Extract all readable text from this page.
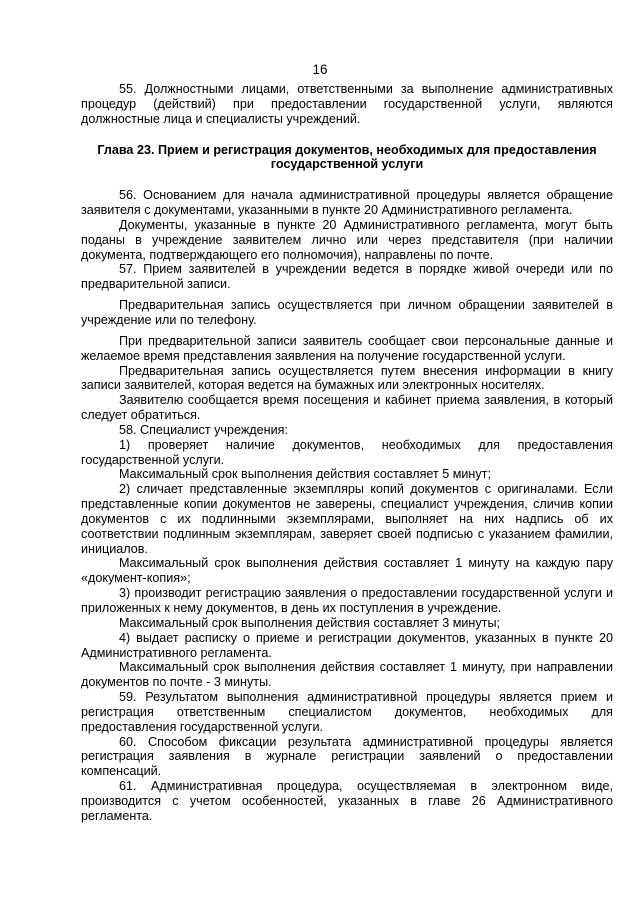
16

55. Должностными лицами, ответственными за выполнение административных процедур (действий) при предоставлении государственной услуги, являются должностные лица и специалисты учреждений.

Глава 23. Прием и регистрация документов, необходимых для предоставления государственной услуги

56. Основанием для начала административной процедуры является обращение заявителя с документами, указанными в пункте 20 Административного регламента.

Документы, указанные в пункте 20 Административного регламента, могут быть поданы в учреждение заявителем лично или через представителя (при наличии документа, подтверждающего его полномочия), направлены по почте.

57. Прием заявителей в учреждении ведется в порядке живой очереди или по предварительной записи.

Предварительная запись осуществляется при личном обращении заявителей в учреждение или по телефону.

При предварительной записи заявитель сообщает свои персональные данные и желаемое время представления заявления на получение государственной услуги.

Предварительная запись осуществляется путем внесения информации в книгу записи заявителей, которая ведется на бумажных или электронных носителях.

Заявителю сообщается время посещения и кабинет приема заявления, в который следует обратиться.

58. Специалист учреждения:

1) проверяет наличие документов, необходимых для предоставления государственной услуги.

Максимальный срок выполнения действия составляет 5 минут;

2) сличает представленные экземпляры копий документов с оригиналами. Если представленные копии документов не заверены, специалист учреждения, сличив копии документов с их подлинными экземплярами, выполняет на них надпись об их соответствии подлинным экземплярам, заверяет своей подписью с указанием фамилии, инициалов.

Максимальный срок выполнения действия составляет 1 минуту на каждую пару «документ-копия»;

3) производит регистрацию заявления о предоставлении государственной услуги и приложенных к нему документов, в день их поступления в учреждение.

Максимальный срок выполнения действия составляет 3 минуты;

4) выдает расписку о приеме и регистрации документов, указанных в пункте 20 Административного регламента.

Максимальный срок выполнения действия составляет 1 минуту, при направлении документов по почте - 3 минуты.

59. Результатом выполнения административной процедуры является прием и регистрация ответственным специалистом документов, необходимых для предоставления государственной услуги.

60. Способом фиксации результата административной процедуры является регистрация заявления в журнале регистрации заявлений о предоставлении компенсаций.

61. Административная процедура, осуществляемая в электронном виде, производится с учетом особенностей, указанных в главе 26 Административного регламента.
